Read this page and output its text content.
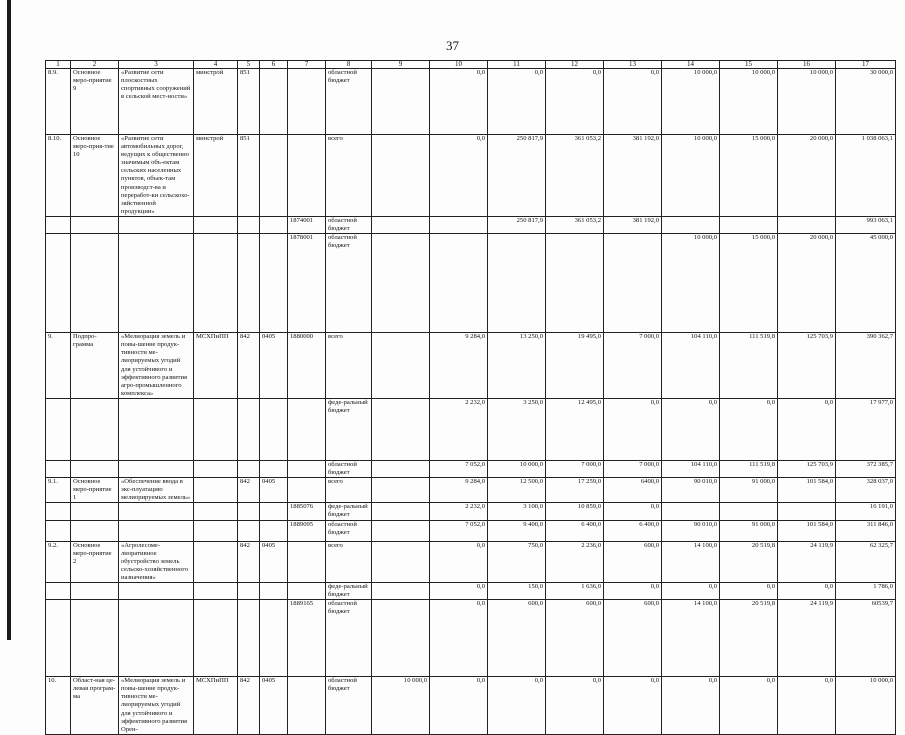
37
1	2	3	4	5	6	7	8	9	10	11	12	13	14	15	16	17
8.9.	Основное меро-приятие 9	«Развитие сети плоскостных спортивных сооружений в сельской мест-ности»	минстрой	851			областной бюджет		0,0	0,0	0,0	0,0	10 000,0	10 000,0	10 000,0	30 000,0
8.10.	Основное меро-прия-тие 10	«Развитие сети автомобильных дорог, ведущих к общественно значимым объ-ектам сельских населенных пунктов, объек-там производст-ва и переработ-ки сельскохо-зяйственной продукции»	минстрой	851			всего		0,0	250 817,9	361 053,2	381 192,0	10 000,0	15 000,0	20 000,0	1 038 063,1
						1874001	областной бюджет			250 817,9	361 053,2	381 192,0				993 063,1
						1878001	областной бюджет						10 000,0	15 000,0	20 000,0	45 000,0
9.	Подпро-грамма	«Мелиорация земель и повы-шение продук-тивности ме-лиорируемых угодий для устойчивого и эффективного развития агро-промышленного комплекса»	МСХПиПП	842	0405	1880000	всего		9 284,0	13 250,0	19 495,0	7 000,0	104 110,0	111 519,8	125 703,9	390 362,7
							феде-ральный бюджет		2 232,0	3 250,0	12 495,0	0,0	0,0	0,0	0,0	17 977,0
							областной бюджет		7 052,0	10 000,0	7 000,0	7 000,0	104 110,0	111 519,8	125 703,9	372 385,7
9.1.	Основное меро-приятие 1	«Обеспечение ввода в экс-плуатацию мелиорируемых земель»		842	0405		всего		9 284,0	12 500,0	17 259,0	6400,0	90 010,0	91 000,0	101 584,0	328 037,0
						1885076	феде-ральный бюджет		2 232,0	3 100,0	10 859,0	0,0				16 191,0
						1889095	областной бюджет		7 052,0	9 400,0	6 400,0	6 400,0	90 010,0	91 000,0	101 584,0	311 846,0
9.2.	Основное меро-приятие 2	«Агролесоме-лиоративное обустройство земель сельско-хозяйственного назначения»		842	0405		всего		0,0	750,0	2 236,0	600,0	14 100,0	20 519,8	24 119,9	62 325,7
							феде-ральный бюджет		0,0	150,0	1 636,0	0,0	0,0	0,0	0,0	1 786,0
						1889165	областной бюджет		0,0	600,0	600,0	600,0	14 100,0	20 519,8	24 119,9	60539,7
10.	Област-ная це-левая програм-ма	«Мелиорация земель и повы-шение продук-тивности ме-лиорируемых угодий для устойчивого и эффективного развития Орен-	МСХПиПП	842	0405		областной бюджет	10 000,0	0,0	0,0	0,0	0,0	0,0	0,0	0,0	10 000,0
